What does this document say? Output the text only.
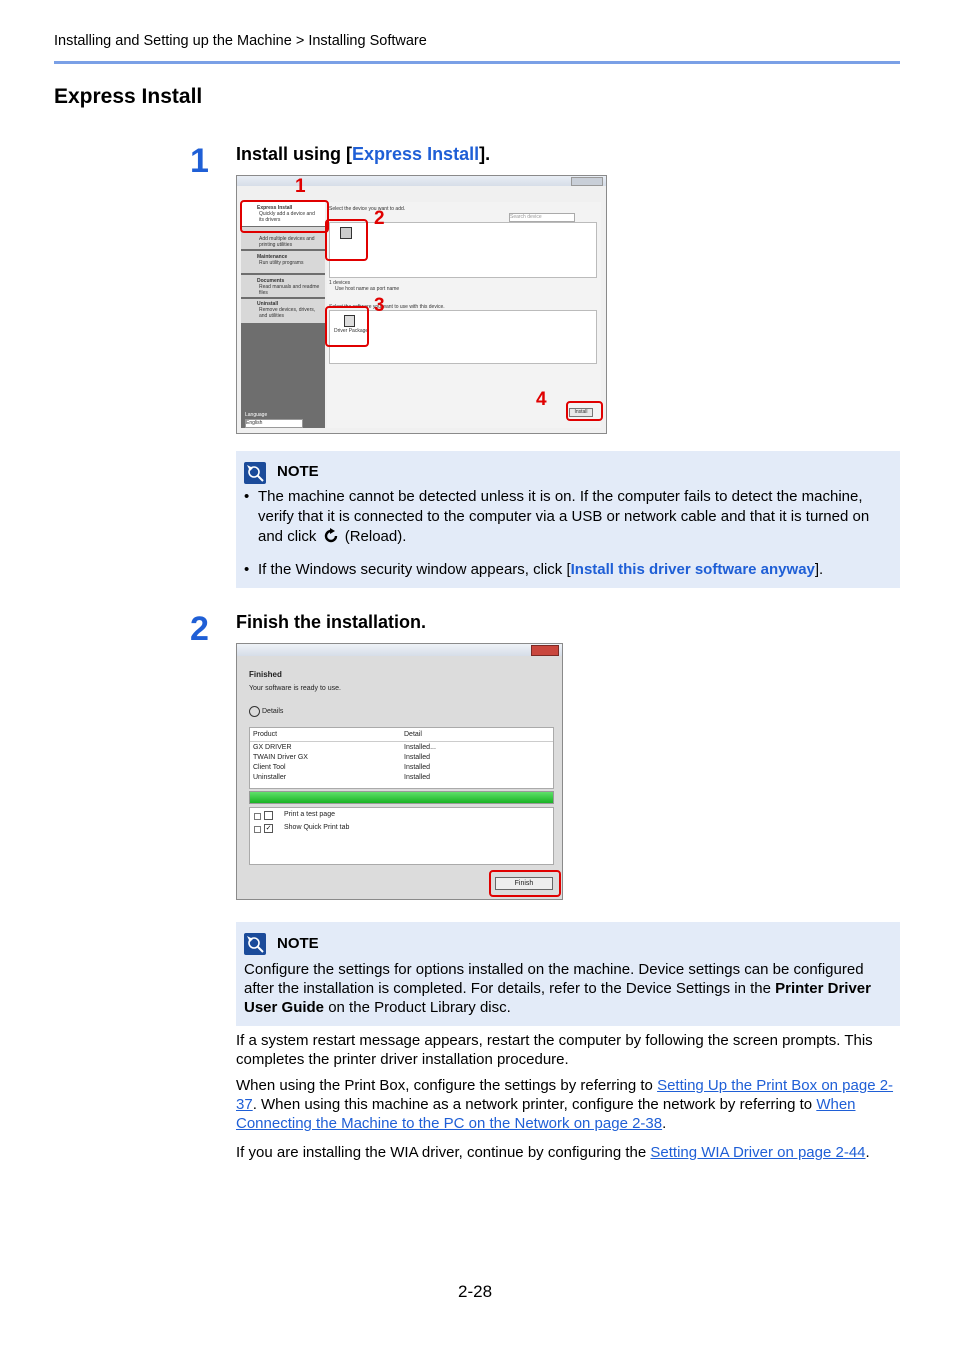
Installing and Setting up the Machine > Installing Software
Express Install
1 Install using [Express Install].
Express Install
Quickly add a device and its drivers
Add multiple devices and printing utilities
Maintenance
Run utility programs
Documents
Read manuals and readme files
Uninstall
Remove devices, drivers, and utilities
Language
English
Select the device you want to add.
Search device
1 devices
Use host name as port name
Select the software you want to use with this device.
Driver Package
Install
1
2
3
4
NOTE
• The machine cannot be detected unless it is on. If the computer fails to detect the machine, verify that it is connected to the computer via a USB or network cable and that it is turned on and click (Reload).
• If the Windows security window appears, click [Install this driver software anyway].
2 Finish the installation.
Finished
Your software is ready to use.
Details
Product	Detail
GX DRIVER	Installed...
TWAIN Driver GX	Installed
Client Tool	Installed
Uninstaller	Installed
Print a test page
✓ Show Quick Print tab
Finish
NOTE
Configure the settings for options installed on the machine. Device settings can be configured after the installation is completed. For details, refer to the Device Settings in the Printer Driver User Guide on the Product Library disc.
If a system restart message appears, restart the computer by following the screen prompts. This completes the printer driver installation procedure.
When using the Print Box, configure the settings by referring to Setting Up the Print Box on page 2-37. When using this machine as a network printer, configure the network by referring to When Connecting the Machine to the PC on the Network on page 2-38.
If you are installing the WIA driver, continue by configuring the Setting WIA Driver on page 2-44.
2-28
